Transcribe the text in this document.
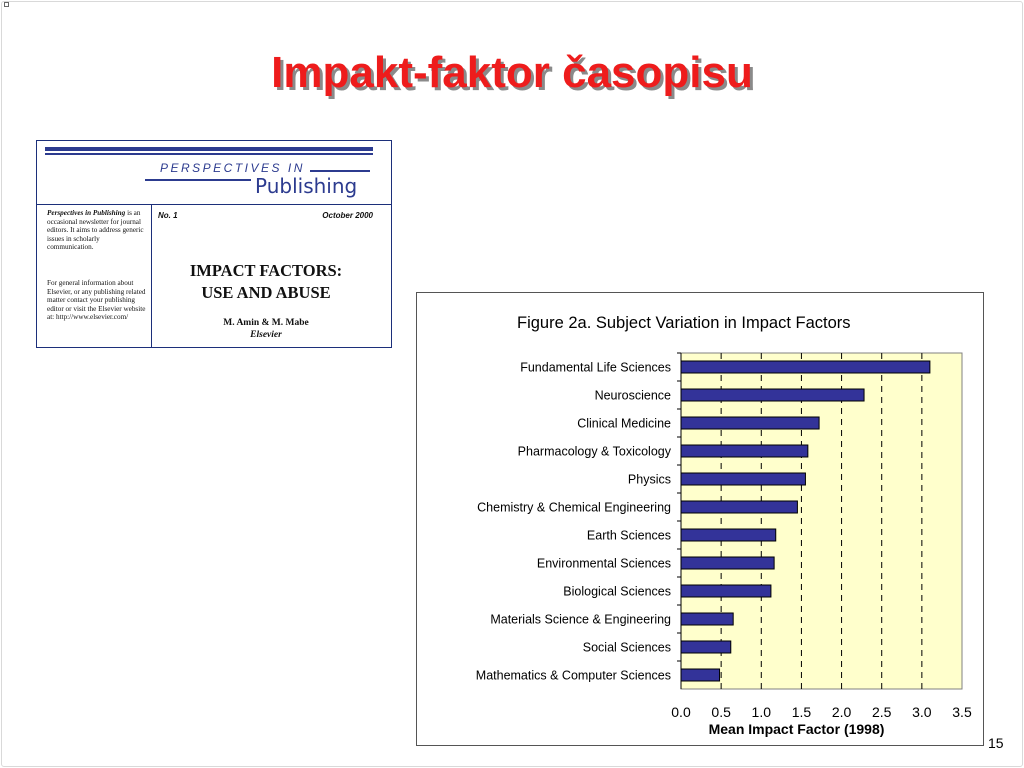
Impakt-faktor časopisu
PERSPECTIVES IN
Publishing
Perspectives in Publishing is an occasional newsletter for journal editors. It aims to address generic issues in scholarly communication.
For general information about Elsevier, or any publishing related matter contact your publishing editor or visit the Elsevier website at: http://www.elsevier.com/
No. 1	October 2000
IMPACT FACTORS:
USE AND ABUSE
M. Amin & M. Mabe
Elsevier
Figure 2a. Subject Variation in Impact Factors
Fundamental Life Sciences
Neuroscience
Clinical Medicine
Pharmacology & Toxicology
Physics
Chemistry & Chemical Engineering
Earth Sciences
Environmental Sciences
Biological Sciences
Materials Science & Engineering
Social Sciences
Mathematics & Computer Sciences
0.0 0.5 1.0 1.5 2.0 2.5 3.0 3.5
Mean Impact Factor (1998)
15
